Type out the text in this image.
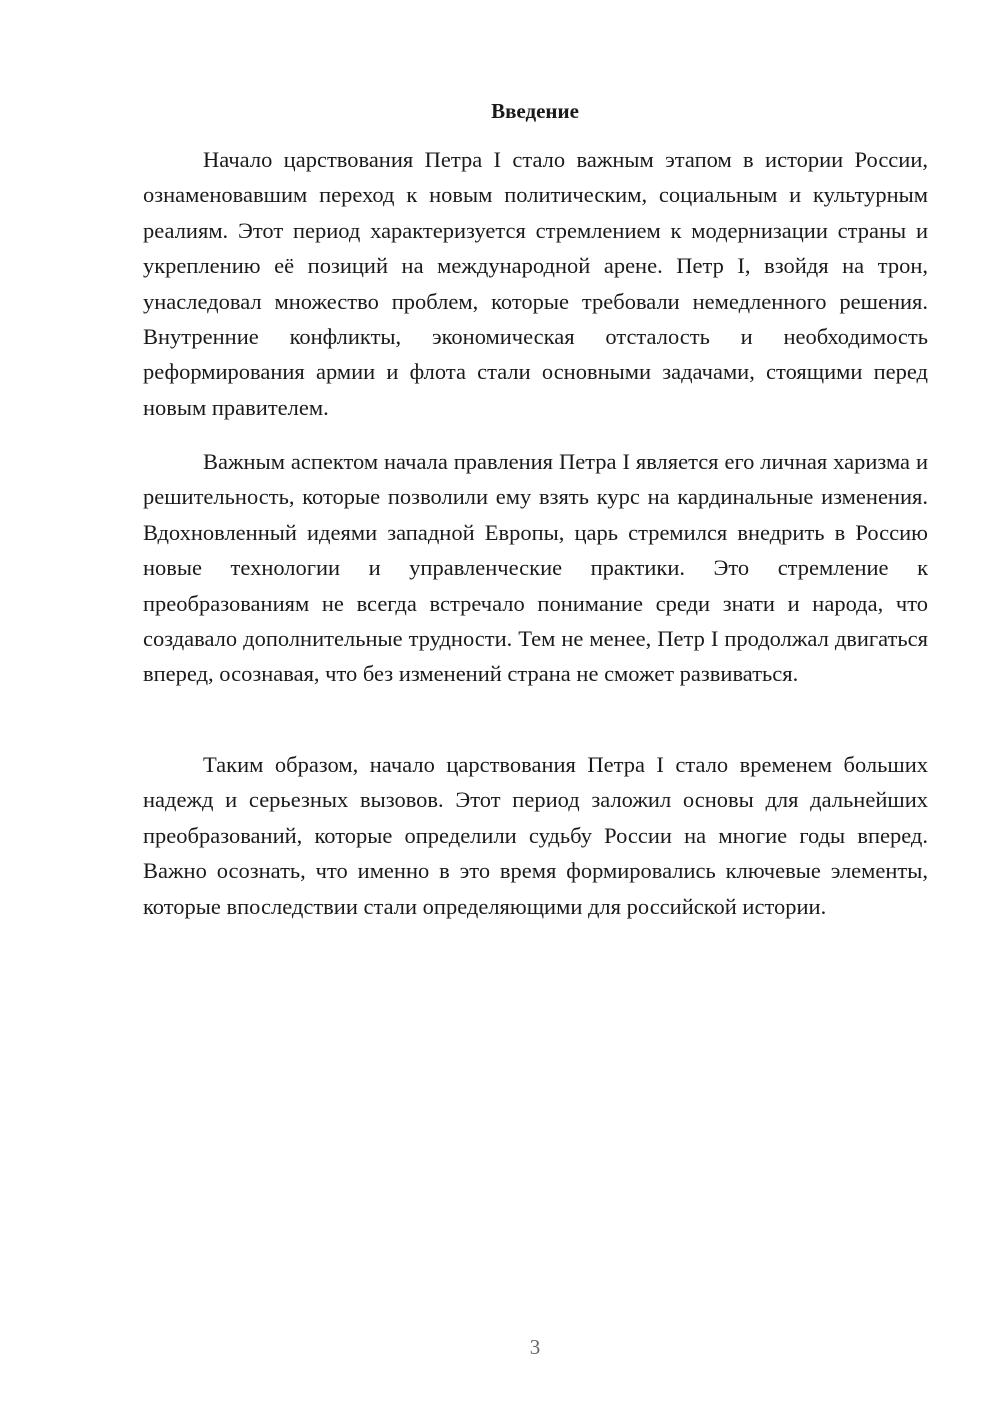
Введение

Начало царствования Петра I стало важным этапом в истории России, ознаменовавшим переход к новым политическим, социальным и культурным реалиям. Этот период характеризуется стремлением к модернизации страны и укреплению её позиций на международной арене. Петр I, взойдя на трон, унаследовал множество проблем, которые требовали немедленного решения. Внутренние конфликты, экономическая отсталость и необходимость реформирования армии и флота стали основными задачами, стоящими перед новым правителем.

Важным аспектом начала правления Петра I является его личная харизма и решительность, которые позволили ему взять курс на кардинальные изменения. Вдохновленный идеями западной Европы, царь стремился внедрить в Россию новые технологии и управленческие практики. Это стремление к преобразованиям не всегда встречало понимание среди знати и народа, что создавало дополнительные трудности. Тем не менее, Петр I продолжал двигаться вперед, осознавая, что без изменений страна не сможет развиваться.

Таким образом, начало царствования Петра I стало временем больших надежд и серьезных вызовов. Этот период заложил основы для дальнейших преобразований, которые определили судьбу России на многие годы вперед. Важно осознать, что именно в это время формировались ключевые элементы, которые впоследствии стали определяющими для российской истории.

3
